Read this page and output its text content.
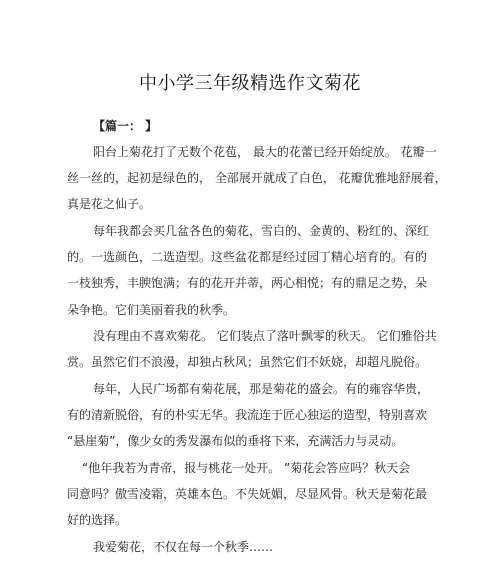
中小学三年级精选作文菊花
【篇一： 】
阳台上菊花打了无数个花苞， 最大的花蕾已经开始绽放。 花瓣一
丝一丝的，起初是绿色的， 全部展开就成了白色， 花瓣优雅地舒展着，
真是花之仙子。
每年我都会买几盆各色的菊花，雪白的、金黄的、粉红的、深红
的。一选颜色，二选造型。这些盆花都是经过园丁精心培育的。有的
一枝独秀，丰腴饱满；有的花开并蒂，两心相悦；有的鼎足之势，朵
朵争艳。它们美丽着我的秋季。
没有理由不喜欢菊花。 它们装点了落叶飘零的秋天。 它们雅俗共
赏。虽然它们不浪漫，却独占秋风；虽然它们不妖娆，却超凡脱俗。
每年，人民广场都有菊花展，那是菊花的盛会。有的雍容华贵，
有的清新脱俗，有的朴实无华。我流连于匠心独运的造型，特别喜欢
“悬崖菊”，像少女的秀发瀑布似的垂将下来，充满活力与灵动。
“他年我若为青帝，报与桃花一处开。 ”菊花会答应吗？秋天会
同意吗？傲雪凌霜，英雄本色。不失妩媚，尽显风骨。秋天是菊花最
好的选择。
我爱菊花，不仅在每一个秋季……
